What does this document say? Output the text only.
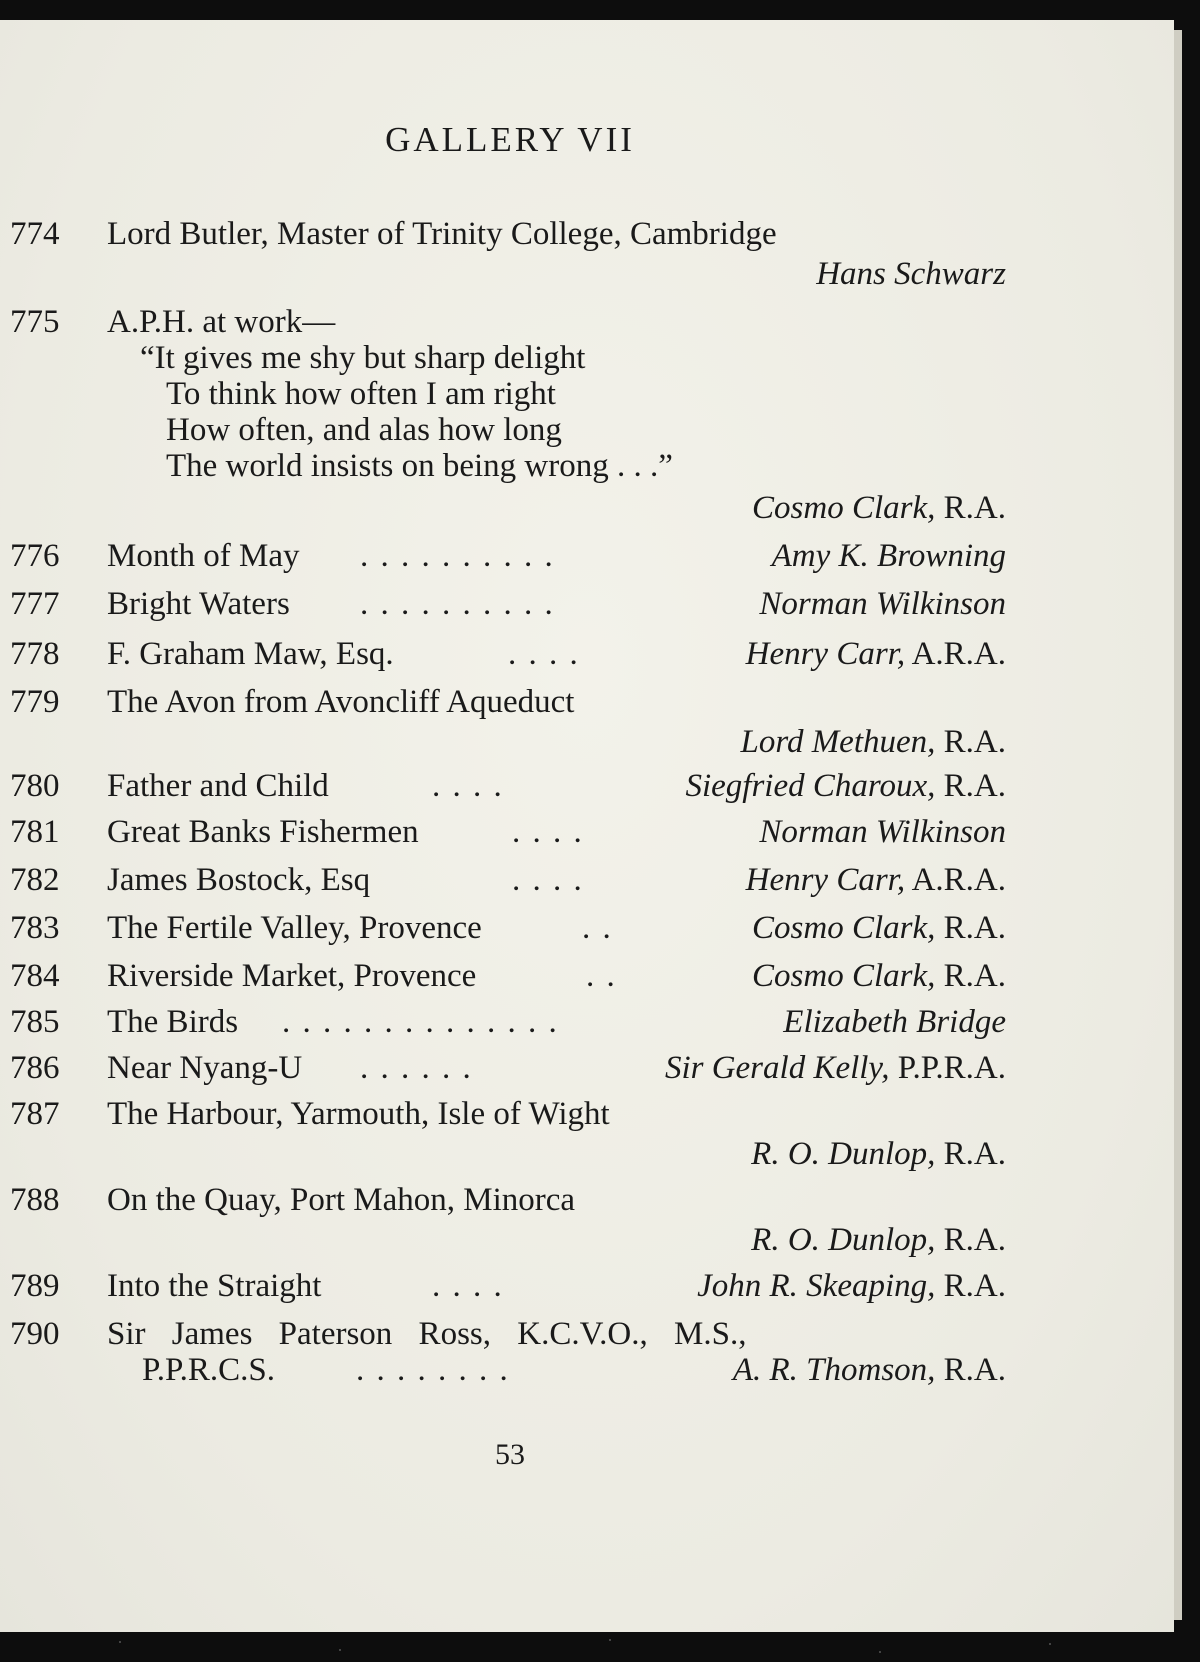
GALLERY VII
774 Lord Butler, Master of Trinity College, Cambridge
Hans Schwarz
775 A.P.H. at work—
“It gives me shy but sharp delight
To think how often I am right
How often, and alas how long
The world insists on being wrong . . .”
Cosmo Clark, R.A.
776 Month of May . . . . . . . . . .	Amy K. Browning
777 Bright Waters . . . . . . . . . .	Norman Wilkinson
778 F. Graham Maw, Esq.	. . . .	Henry Carr, A.R.A.
779 The Avon from Avoncliff Aqueduct
Lord Methuen, R.A.
780 Father and Child	. . . .	Siegfried Charoux, R.A.
781 Great Banks Fishermen	. . . .	Norman Wilkinson
782 James Bostock, Esq	. . . .	Henry Carr, A.R.A.
783 The Fertile Valley, Provence	. .	Cosmo Clark, R.A.
784 Riverside Market, Provence	. .	Cosmo Clark, R.A.
785 The Birds . . . . . . . . . . . . . .	Elizabeth Bridge
786 Near Nyang-U . . . . . .	Sir Gerald Kelly, P.P.R.A.
787 The Harbour, Yarmouth, Isle of Wight
R. O. Dunlop, R.A.
788 On the Quay, Port Mahon, Minorca
R. O. Dunlop, R.A.
789 Into the Straight	. . . .	John R. Skeaping, R.A.
790 Sir James Paterson Ross, K.C.V.O., M.S.,
P.P.R.C.S. . . . . . . . .	A. R. Thomson, R.A.
53
